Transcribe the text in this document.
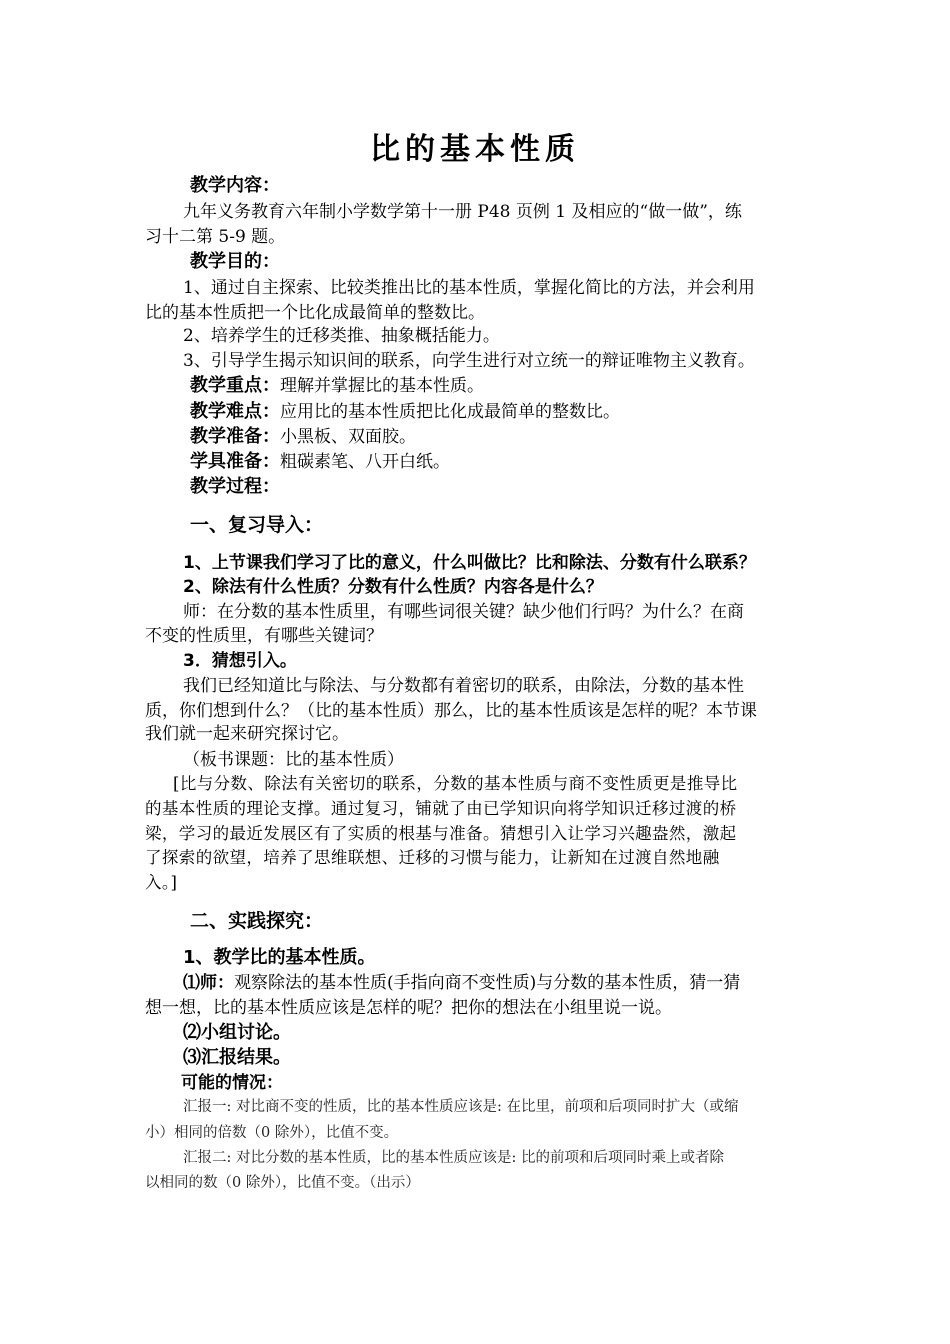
比的基本性质
教学内容：
九年义务教育六年制小学数学第十一册 P48 页例 1 及相应的“做一做”，练
习十二第 5-9 题。
教学目的：
1、通过自主探索、比较类推出比的基本性质，掌握化简比的方法，并会利用
比的基本性质把一个比化成最简单的整数比。
2、培养学生的迁移类推、抽象概括能力。
3、引导学生揭示知识间的联系，向学生进行对立统一的辩证唯物主义教育。
教学重点：理解并掌握比的基本性质。
教学难点：应用比的基本性质把比化成最简单的整数比。
教学准备：小黑板、双面胶。
学具准备：粗碳素笔、八开白纸。
教学过程：
一、复习导入：
1、上节课我们学习了比的意义，什么叫做比？比和除法、分数有什么联系？
2、除法有什么性质？分数有什么性质？内容各是什么？
师：在分数的基本性质里，有哪些词很关键？缺少他们行吗？为什么？在商
不变的性质里，有哪些关键词？
3．猜想引入。
我们已经知道比与除法、与分数都有着密切的联系，由除法，分数的基本性
质，你们想到什么？（比的基本性质）那么，比的基本性质该是怎样的呢？本节课
我们就一起来研究探讨它。
（板书课题：比的基本性质）
[比与分数、除法有关密切的联系，分数的基本性质与商不变性质更是推导比
的基本性质的理论支撑。通过复习，铺就了由已学知识向将学知识迁移过渡的桥
梁，学习的最近发展区有了实质的根基与准备。猜想引入让学习兴趣盎然，激起
了探索的欲望，培养了思维联想、迁移的习惯与能力，让新知在过渡自然地融
入。]
二、实践探究：
1、教学比的基本性质。
⑴师：观察除法的基本性质(手指向商不变性质)与分数的基本性质，猜一猜
想一想，比的基本性质应该是怎样的呢？把你的想法在小组里说一说。
⑵小组讨论。
⑶汇报结果。
可能的情况：
汇报一: 对比商不变的性质，比的基本性质应该是: 在比里，前项和后项同时扩大（或缩
小）相同的倍数（0 除外），比值不变。
汇报二: 对比分数的基本性质，比的基本性质应该是: 比的前项和后项同时乘上或者除
以相同的数（0 除外），比值不变。（出示）
